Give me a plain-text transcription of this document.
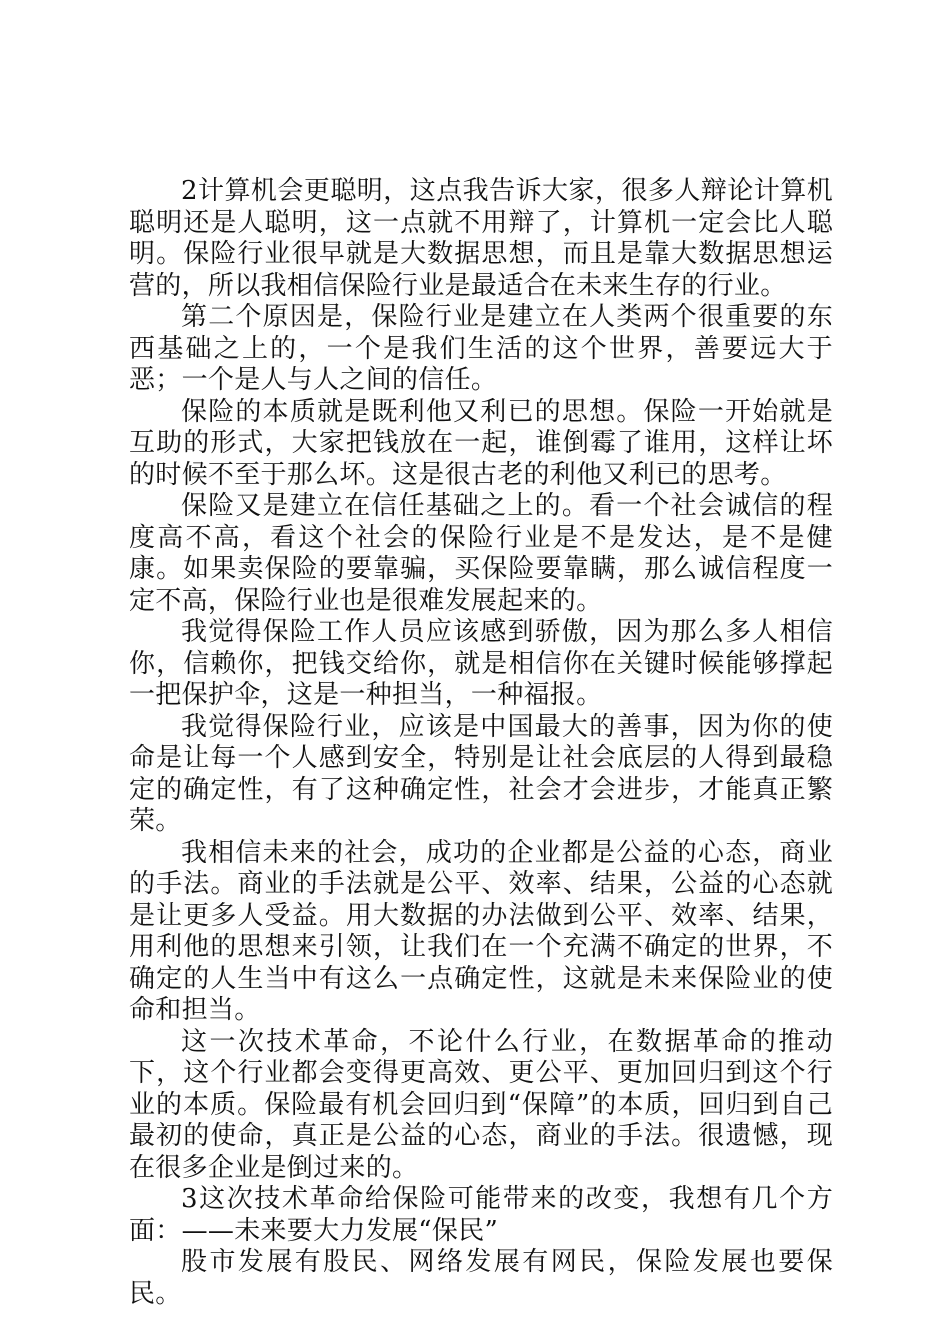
2计算机会更聪明，这点我告诉大家，很多人辩论计算机聪明还是人聪明，这一点就不用辩了，计算机一定会比人聪明。保险行业很早就是大数据思想，而且是靠大数据思想运营的，所以我相信保险行业是最适合在未来生存的行业。

第二个原因是，保险行业是建立在人类两个很重要的东西基础之上的，一个是我们生活的这个世界，善要远大于恶；一个是人与人之间的信任。

保险的本质就是既利他又利已的思想。保险一开始就是互助的形式，大家把钱放在一起，谁倒霉了谁用，这样让坏的时候不至于那么坏。这是很古老的利他又利已的思考。

保险又是建立在信任基础之上的。看一个社会诚信的程度高不高，看这个社会的保险行业是不是发达，是不是健康。如果卖保险的要靠骗，买保险要靠瞒，那么诚信程度一定不高，保险行业也是很难发展起来的。

我觉得保险工作人员应该感到骄傲，因为那么多人相信你，信赖你，把钱交给你，就是相信你在关键时候能够撑起一把保护伞，这是一种担当，一种福报。

我觉得保险行业，应该是中国最大的善事，因为你的使命是让每一个人感到安全，特别是让社会底层的人得到最稳定的确定性，有了这种确定性，社会才会进步，才能真正繁荣。

我相信未来的社会，成功的企业都是公益的心态，商业的手法。商业的手法就是公平、效率、结果，公益的心态就是让更多人受益。用大数据的办法做到公平、效率、结果，用利他的思想来引领，让我们在一个充满不确定的世界，不确定的人生当中有这么一点确定性，这就是未来保险业的使命和担当。

这一次技术革命，不论什么行业，在数据革命的推动下，这个行业都会变得更高效、更公平、更加回归到这个行业的本质。保险最有机会回归到“保障”的本质，回归到自己最初的使命，真正是公益的心态，商业的手法。很遗憾，现在很多企业是倒过来的。

3这次技术革命给保险可能带来的改变，我想有几个方面：——未来要大力发展“保民”

股市发展有股民、网络发展有网民，保险发展也要保民。
